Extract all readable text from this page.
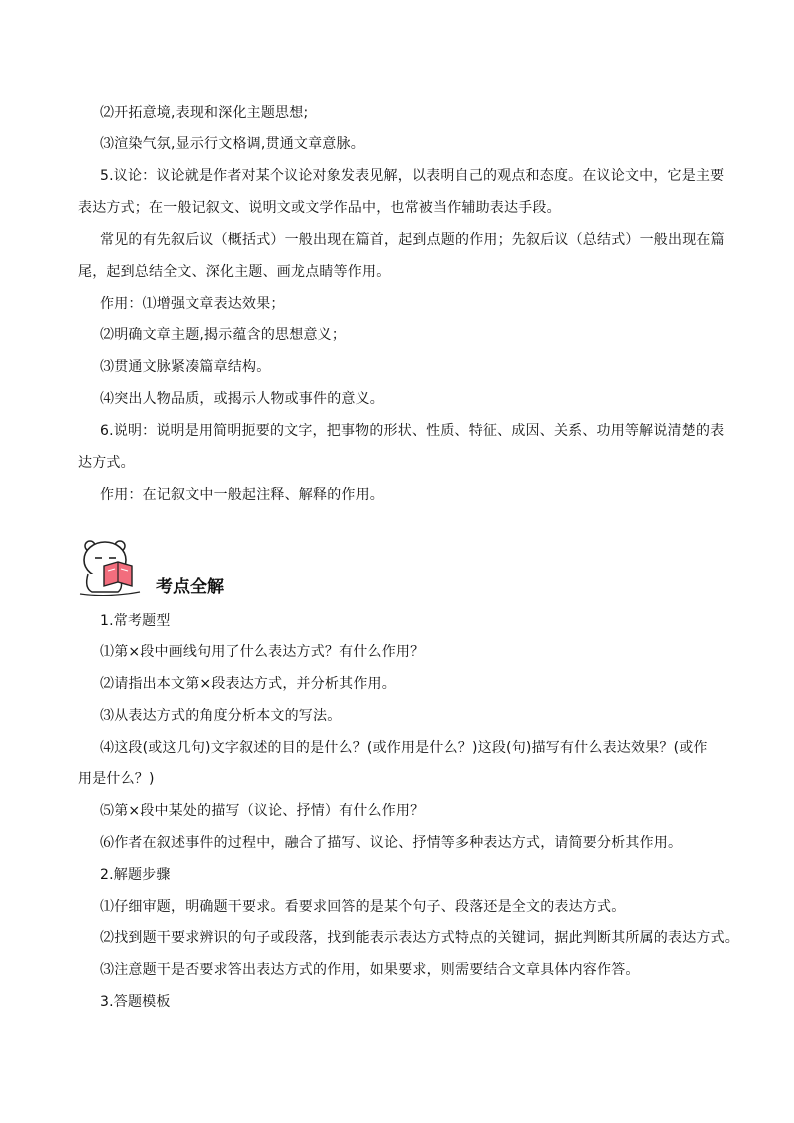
⑵开拓意境,表现和深化主题思想;
⑶渲染气氛,显示行文格调,贯通文章意脉。
5.议论：议论就是作者对某个议论对象发表见解，以表明自己的观点和态度。在议论文中，它是主要
表达方式；在一般记叙文、说明文或文学作品中，也常被当作辅助表达手段。
常见的有先叙后议（概括式）一般出现在篇首，起到点题的作用；先叙后议（总结式）一般出现在篇
尾，起到总结全文、深化主题、画龙点睛等作用。
作用：⑴增强文章表达效果；
⑵明确文章主题,揭示蕴含的思想意义；
⑶贯通文脉紧凑篇章结构。
⑷突出人物品质，或揭示人物或事件的意义。
6.说明：说明是用简明扼要的文字，把事物的形状、性质、特征、成因、关系、功用等解说清楚的表
达方式。
作用：在记叙文中一般起注释、解释的作用。
考点全解
1.常考题型
⑴第×段中画线句用了什么表达方式？有什么作用？
⑵请指出本文第×段表达方式，并分析其作用。
⑶从表达方式的角度分析本文的写法。
⑷这段(或这几句)文字叙述的目的是什么？(或作用是什么？)这段(句)描写有什么表达效果？(或作
用是什么？)
⑸第×段中某处的描写（议论、抒情）有什么作用？
⑹作者在叙述事件的过程中，融合了描写、议论、抒情等多种表达方式，请简要分析其作用。
2.解题步骤
⑴仔细审题，明确题干要求。看要求回答的是某个句子、段落还是全文的表达方式。
⑵找到题干要求辨识的句子或段落，找到能表示表达方式特点的关键词，据此判断其所属的表达方式。
⑶注意题干是否要求答出表达方式的作用，如果要求，则需要结合文章具体内容作答。
3.答题模板
